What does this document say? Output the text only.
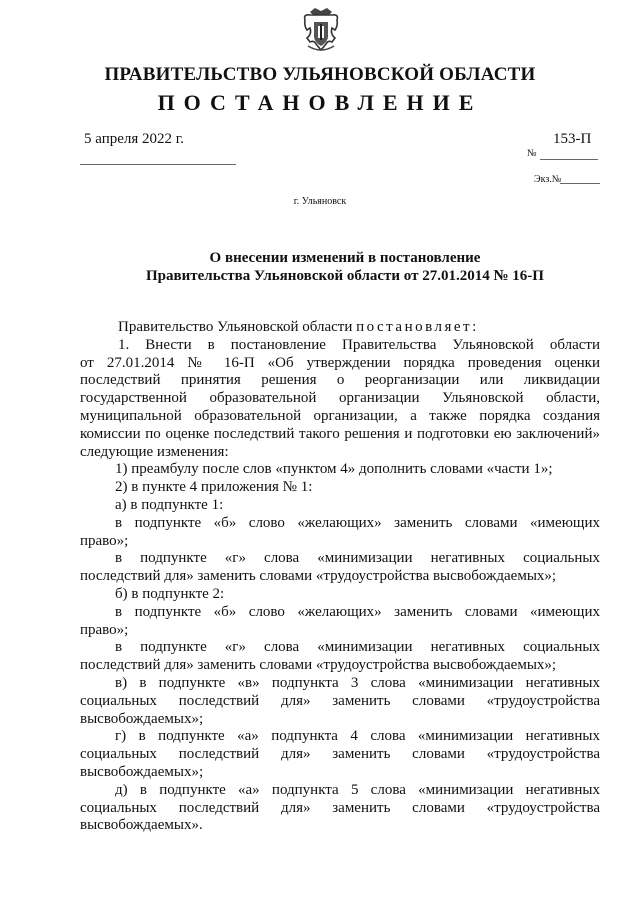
ПРАВИТЕЛЬСТВО УЛЬЯНОВСКОЙ ОБЛАСТИ
ПОСТАНОВЛЕНИЕ
5 апреля 2022 г.	153-П
№
Экз.№
г. Ульяновск
О внесении изменений в постановление
Правительства Ульяновской области от 27.01.2014 № 16-П

Правительство Ульяновской области постановляет:

1. Внести в постановление Правительства Ульяновской области

от 27.01.2014 № 16-П «Об утверждении порядка проведения оценки

последствий принятия решения о реорганизации или ликвидации

государственной образовательной организации Ульяновской области,

муниципальной образовательной организации, а также порядка создания

комиссии по оценке последствий такого решения и подготовки ею заключений»

следующие изменения:

1) преамбулу после слов «пунктом 4» дополнить словами «части 1»;

2) в пункте 4 приложения № 1:

а) в подпункте 1:

в подпункте «б» слово «желающих» заменить словами «имеющих

право»;

в подпункте «г» слова «минимизации негативных социальных

последствий для» заменить словами «трудоустройства высвобождаемых»;

б) в подпункте 2:

в подпункте «б» слово «желающих» заменить словами «имеющих

право»;

в подпункте «г» слова «минимизации негативных социальных

последствий для» заменить словами «трудоустройства высвобождаемых»;

в) в подпункте «в» подпункта 3 слова «минимизации негативных

социальных последствий для» заменить словами «трудоустройства

высвобождаемых»;

г) в подпункте «а» подпункта 4 слова «минимизации негативных

социальных последствий для» заменить словами «трудоустройства

высвобождаемых»;

д) в подпункте «а» подпункта 5 слова «минимизации негативных

социальных последствий для» заменить словами «трудоустройства

высвобождаемых».
